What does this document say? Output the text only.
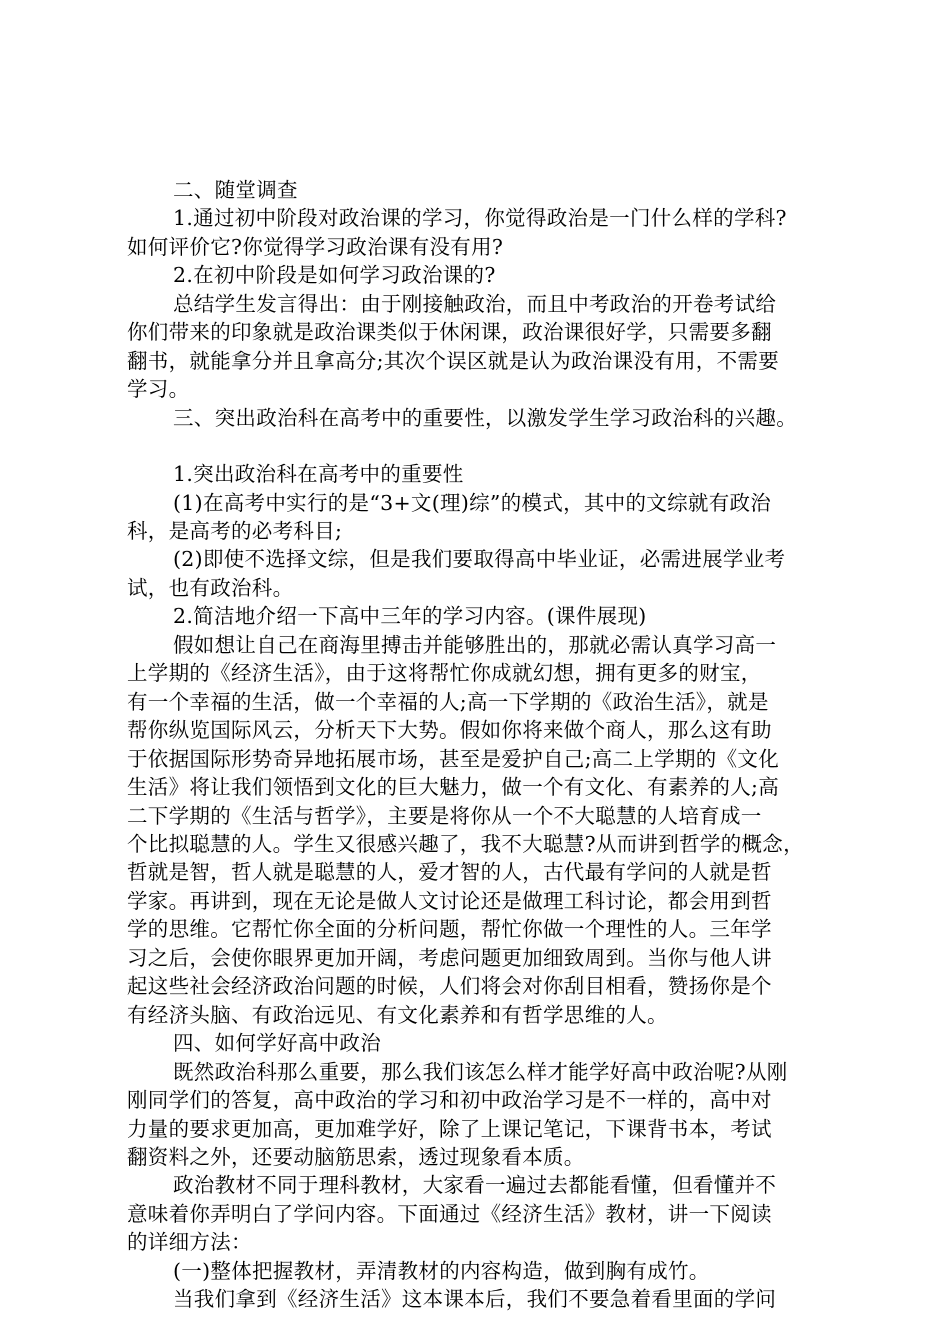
二、随堂调查
1.通过初中阶段对政治课的学习，你觉得政治是一门什么样的学科?
如何评价它?你觉得学习政治课有没有用?
2.在初中阶段是如何学习政治课的?
总结学生发言得出：由于刚接触政治，而且中考政治的开卷考试给
你们带来的印象就是政治课类似于休闲课，政治课很好学，只需要多翻
翻书，就能拿分并且拿高分;其次个误区就是认为政治课没有用，不需要
学习。
三、突出政治科在高考中的重要性，以激发学生学习政治科的兴趣。
1.突出政治科在高考中的重要性
(1)在高考中实行的是“3+文(理)综”的模式，其中的文综就有政治
科，是高考的必考科目;
(2)即使不选择文综，但是我们要取得高中毕业证，必需进展学业考
试，也有政治科。
2.简洁地介绍一下高中三年的学习内容。(课件展现)
假如想让自己在商海里搏击并能够胜出的，那就必需认真学习高一
上学期的《经济生活》，由于这将帮忙你成就幻想，拥有更多的财宝，
有一个幸福的生活，做一个幸福的人;高一下学期的《政治生活》，就是
帮你纵览国际风云，分析天下大势。假如你将来做个商人，那么这有助
于依据国际形势奇异地拓展市场，甚至是爱护自己;高二上学期的《文化
生活》将让我们领悟到文化的巨大魅力，做一个有文化、有素养的人;高
二下学期的《生活与哲学》，主要是将你从一个不大聪慧的人培育成一
个比拟聪慧的人。学生又很感兴趣了，我不大聪慧?从而讲到哲学的概念，
哲就是智，哲人就是聪慧的人，爱才智的人，古代最有学问的人就是哲
学家。再讲到，现在无论是做人文讨论还是做理工科讨论，都会用到哲
学的思维。它帮忙你全面的分析问题，帮忙你做一个理性的人。三年学
习之后，会使你眼界更加开阔，考虑问题更加细致周到。当你与他人讲
起这些社会经济政治问题的时候，人们将会对你刮目相看，赞扬你是个
有经济头脑、有政治远见、有文化素养和有哲学思维的人。
四、如何学好高中政治
既然政治科那么重要，那么我们该怎么样才能学好高中政治呢?从刚
刚同学们的答复，高中政治的学习和初中政治学习是不一样的，高中对
力量的要求更加高，更加难学好，除了上课记笔记，下课背书本，考试
翻资料之外，还要动脑筋思索，透过现象看本质。
政治教材不同于理科教材，大家看一遍过去都能看懂，但看懂并不
意味着你弄明白了学问内容。下面通过《经济生活》教材，讲一下阅读
的详细方法：
(一)整体把握教材，弄清教材的内容构造，做到胸有成竹。
当我们拿到《经济生活》这本课本后，我们不要急着看里面的学问
